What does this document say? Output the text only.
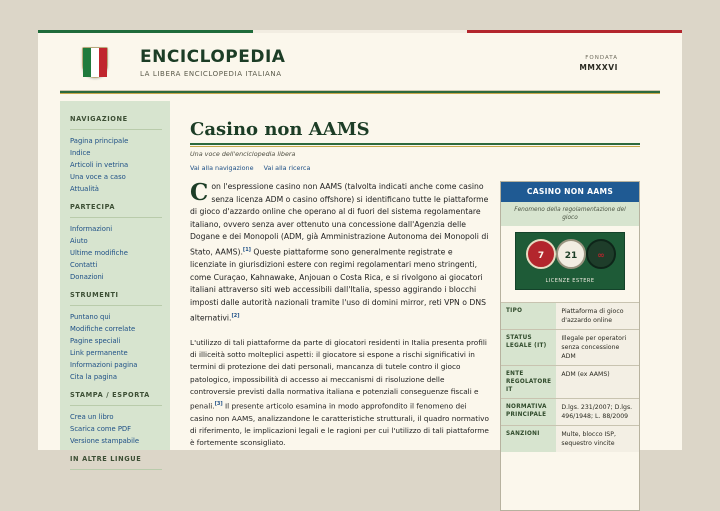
ENCICLOPEDIA
LA LIBERA ENCICLOPEDIA ITALIANA
FONDATA
MMXXVI
NAVIGAZIONE
Pagina principale
Indice
Articoli in vetrina
Una voce a caso
Attualità
PARTECIPA
Informazioni
Aiuto
Ultime modifiche
Contatti
Donazioni
STRUMENTI
Puntano qui
Modifiche correlate
Pagine speciali
Link permanente
Informazioni pagina
Cita la pagina
STAMPA / ESPORTA
Crea un libro
Scarica come PDF
Versione stampabile
IN ALTRE LINGUE
Casino non AAMS
Una voce dell'enciclopedia libera
Vai alla navigazione Vai alla ricerca

Con l'espressione casino non AAMS (talvolta indicati anche come casino senza licenza ADM o casino offshore) si identificano tutte le piattaforme di gioco d'azzardo online che operano al di fuori del sistema regolamentare italiano, ovvero senza aver ottenuto una concessione dall'Agenzia delle Dogane e dei Monopoli (ADM, già Amministrazione Autonoma dei Monopoli di Stato, AAMS).[1] Queste piattaforme sono generalmente registrate e licenziate in giurisdizioni estere con regimi regolamentari meno stringenti, come Curaçao, Kahnawake, Anjouan o Costa Rica, e si rivolgono ai giocatori italiani attraverso siti web accessibili dall'Italia, spesso aggirando i blocchi imposti dalle autorità nazionali tramite l'uso di domini mirror, reti VPN o DNS alternativi.[2]

L'utilizzo di tali piattaforme da parte di giocatori residenti in Italia presenta profili di illiceità sotto molteplici aspetti: il giocatore si espone a rischi significativi in termini di protezione dei dati personali, mancanza di tutele contro il gioco patologico, impossibilità di accesso ai meccanismi di risoluzione delle controversie previsti dalla normativa italiana e potenziali conseguenze fiscali e penali.[3] Il presente articolo esamina in modo approfondito il fenomeno dei casino non AAMS, analizzandone le caratteristiche strutturali, il quadro normativo di riferimento, le implicazioni legali e le ragioni per cui l'utilizzo di tali piattaforme è fortemente sconsigliato.

CASINO NON AAMS
Fenomeno della regolamentazione del gioco
7	21	∞
LICENZE ESTERE
TIPO	Piattaforma di gioco d'azzardo online
STATUS LEGALE (IT)	Illegale per operatori senza concessione ADM
ENTE REGOLATORE IT	ADM (ex AAMS)
NORMATIVA PRINCIPALE	D.lgs. 231/2007; D.lgs. 496/1948; L. 88/2009
SANZIONI	Multe, blocco ISP, sequestro vincite
